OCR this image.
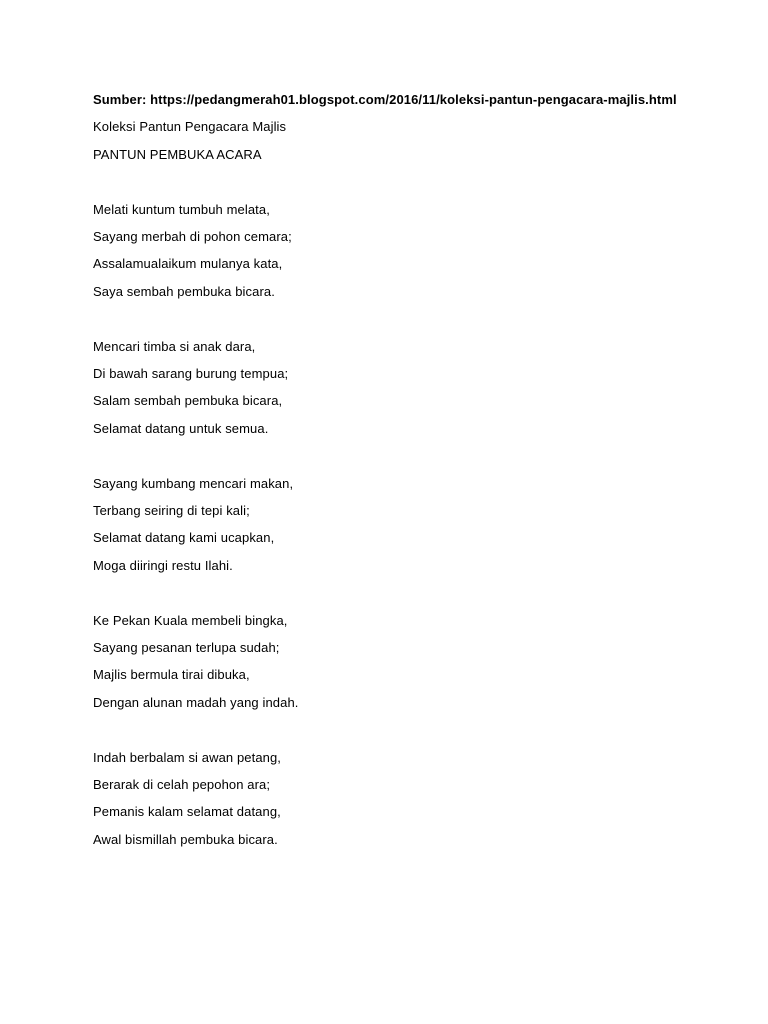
Sumber: https://pedangmerah01.blogspot.com/2016/11/koleksi-pantun-pengacara-majlis.html
Koleksi Pantun Pengacara Majlis
PANTUN PEMBUKA ACARA
Melati kuntum tumbuh melata,
Sayang merbah di pohon cemara;
Assalamualaikum mulanya kata,
Saya sembah pembuka bicara.
Mencari timba si anak dara,
Di bawah sarang burung tempua;
Salam sembah pembuka bicara,
Selamat datang untuk semua.
Sayang kumbang mencari makan,
Terbang seiring di tepi kali;
Selamat datang kami ucapkan,
Moga diiringi restu Ilahi.
Ke Pekan Kuala membeli bingka,
Sayang pesanan terlupa sudah;
Majlis bermula tirai dibuka,
Dengan alunan madah yang indah.
Indah berbalam si awan petang,
Berarak di celah pepohon ara;
Pemanis kalam selamat datang,
Awal bismillah pembuka bicara.
